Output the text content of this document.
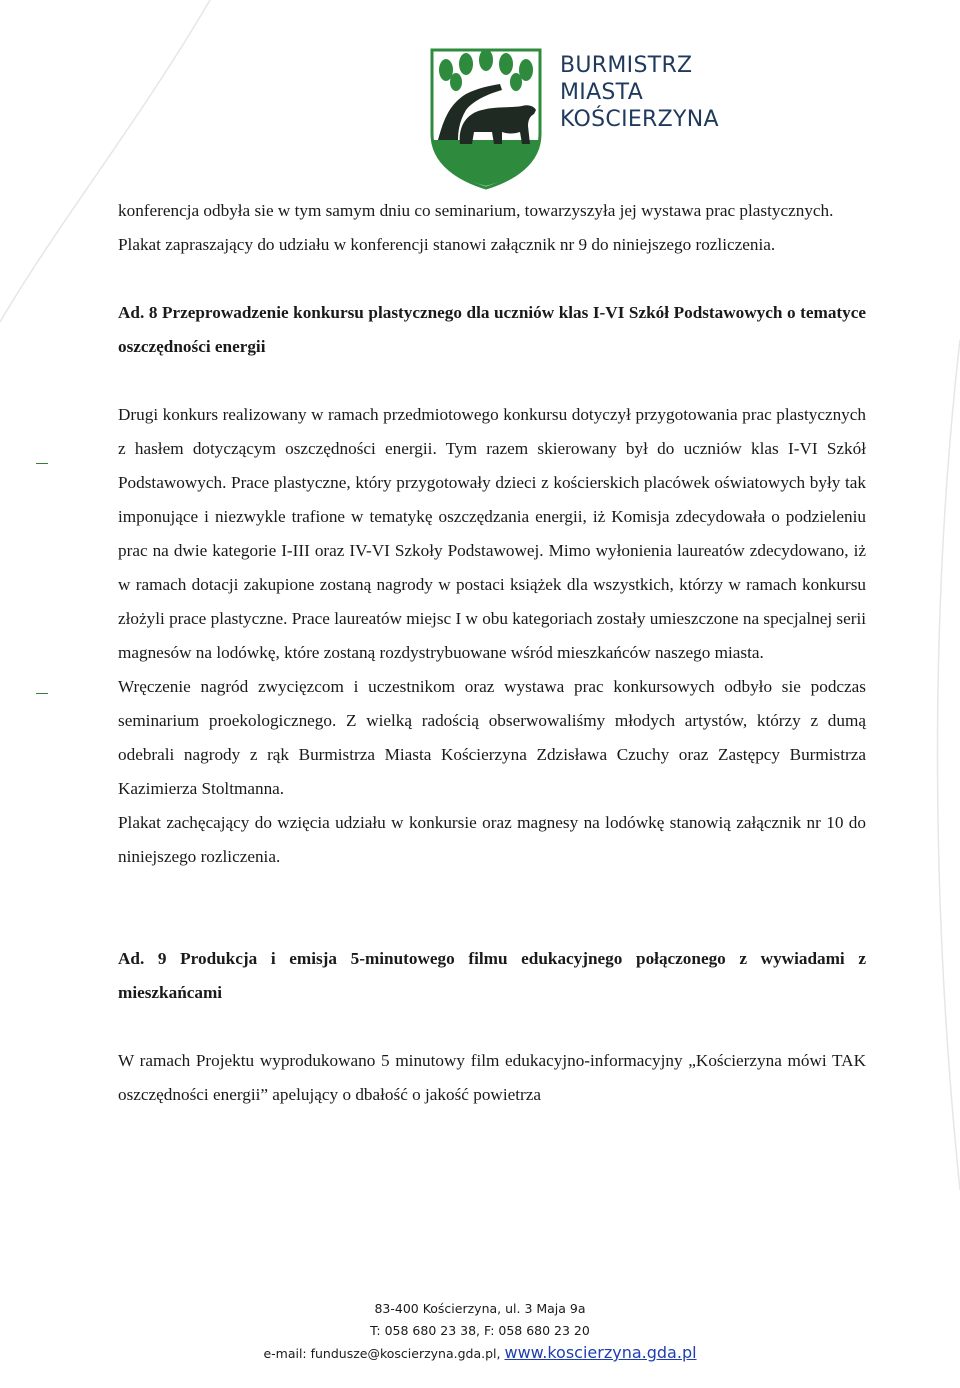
BURMISTRZ
MIASTA
KOŚCIERZYNA

konferencja odbyła sie w tym samym dniu co seminarium, towarzyszyła jej wystawa prac plastycznych.

Plakat zapraszający do udziału w konferencji stanowi załącznik nr 9 do niniejszego rozliczenia.

Ad. 8 Przeprowadzenie konkursu plastycznego dla uczniów klas I-VI Szkół Podstawowych o tematyce oszczędności energii

Drugi konkurs realizowany w ramach przedmiotowego konkursu dotyczył przygotowania prac plastycznych z hasłem dotyczącym oszczędności energii. Tym razem skierowany był do uczniów klas I-VI Szkół Podstawowych. Prace plastyczne, który przygotowały dzieci z kościerskich placówek oświatowych były tak imponujące i niezwykle trafione w tematykę oszczędzania energii, iż Komisja zdecydowała o podzieleniu prac na dwie kategorie I-III oraz IV-VI Szkoły Podstawowej. Mimo wyłonienia laureatów zdecydowano, iż w ramach dotacji zakupione zostaną nagrody w postaci książek dla wszystkich, którzy w ramach konkursu złożyli prace plastyczne. Prace laureatów miejsc I w obu kategoriach zostały umieszczone na specjalnej serii magnesów na lodówkę, które zostaną rozdystrybuowane wśród mieszkańców naszego miasta.

Wręczenie nagród zwycięzcom i uczestnikom oraz wystawa prac konkursowych odbyło sie podczas seminarium proekologicznego. Z wielką radością obserwowaliśmy młodych artystów, którzy z dumą odebrali nagrody z rąk Burmistrza Miasta Kościerzyna Zdzisława Czuchy oraz Zastępcy Burmistrza Kazimierza Stoltmanna.

Plakat zachęcający do wzięcia udziału w konkursie oraz magnesy na lodówkę stanowią załącznik nr 10 do niniejszego rozliczenia.

Ad. 9 Produkcja i emisja 5-minutowego filmu edukacyjnego połączonego z wywiadami z mieszkańcami

W ramach Projektu wyprodukowano 5 minutowy film edukacyjno-informacyjny „Kościerzyna mówi TAK oszczędności energii” apelujący o dbałość o jakość powietrza

83-400 Kościerzyna, ul. 3 Maja 9a
T: 058 680 23 38, F: 058 680 23 20
e-mail: fundusze@koscierzyna.gda.pl, www.koscierzyna.gda.pl
